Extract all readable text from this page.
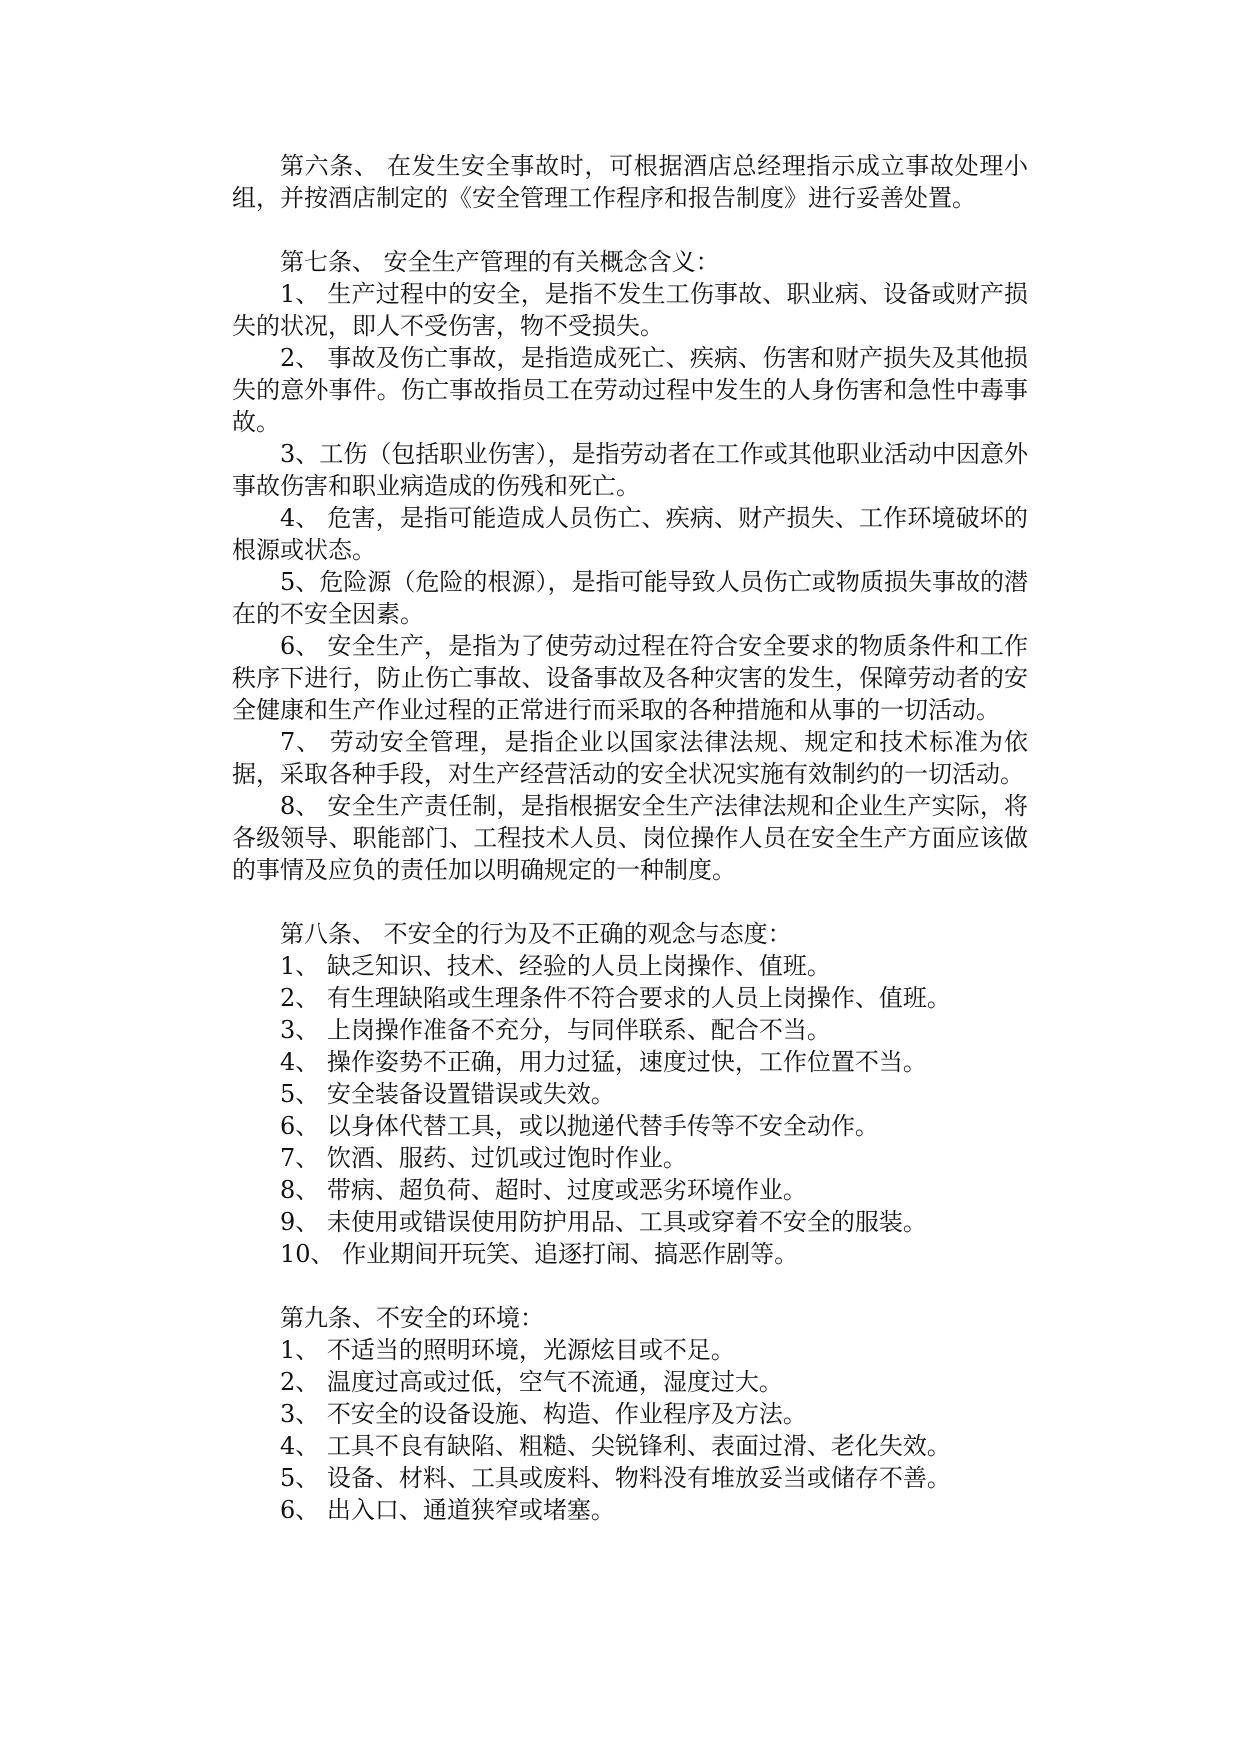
第六条、 在发生安全事故时，可根据酒店总经理指示成立事故处理小组，并按酒店制定的《安全管理工作程序和报告制度》进行妥善处置。

第七条、 安全生产管理的有关概念含义：

1、 生产过程中的安全，是指不发生工伤事故、职业病、设备或财产损失的状况，即人不受伤害，物不受损失。

2、 事故及伤亡事故，是指造成死亡、疾病、伤害和财产损失及其他损失的意外事件。伤亡事故指员工在劳动过程中发生的人身伤害和急性中毒事故。

3、工伤（包括职业伤害），是指劳动者在工作或其他职业活动中因意外事故伤害和职业病造成的伤残和死亡。

4、 危害，是指可能造成人员伤亡、疾病、财产损失、工作环境破坏的根源或状态。

5、危险源（危险的根源），是指可能导致人员伤亡或物质损失事故的潜在的不安全因素。

6、 安全生产，是指为了使劳动过程在符合安全要求的物质条件和工作秩序下进行，防止伤亡事故、设备事故及各种灾害的发生，保障劳动者的安全健康和生产作业过程的正常进行而采取的各种措施和从事的一切活动。

7、 劳动安全管理，是指企业以国家法律法规、规定和技术标准为依据，采取各种手段，对生产经营活动的安全状况实施有效制约的一切活动。

8、 安全生产责任制，是指根据安全生产法律法规和企业生产实际，将各级领导、职能部门、工程技术人员、岗位操作人员在安全生产方面应该做的事情及应负的责任加以明确规定的一种制度。

第八条、 不安全的行为及不正确的观念与态度：

1、 缺乏知识、技术、经验的人员上岗操作、值班。

2、 有生理缺陷或生理条件不符合要求的人员上岗操作、值班。

3、 上岗操作准备不充分，与同伴联系、配合不当。

4、 操作姿势不正确，用力过猛，速度过快，工作位置不当。

5、 安全装备设置错误或失效。

6、 以身体代替工具，或以抛递代替手传等不安全动作。

7、 饮酒、服药、过饥或过饱时作业。

8、 带病、超负荷、超时、过度或恶劣环境作业。

9、 未使用或错误使用防护用品、工具或穿着不安全的服装。

10、 作业期间开玩笑、追逐打闹、搞恶作剧等。

第九条、不安全的环境：

1、 不适当的照明环境，光源炫目或不足。

2、 温度过高或过低，空气不流通，湿度过大。

3、 不安全的设备设施、构造、作业程序及方法。

4、 工具不良有缺陷、粗糙、尖锐锋利、表面过滑、老化失效。

5、 设备、材料、工具或废料、物料没有堆放妥当或储存不善。

6、 出入口、通道狭窄或堵塞。
